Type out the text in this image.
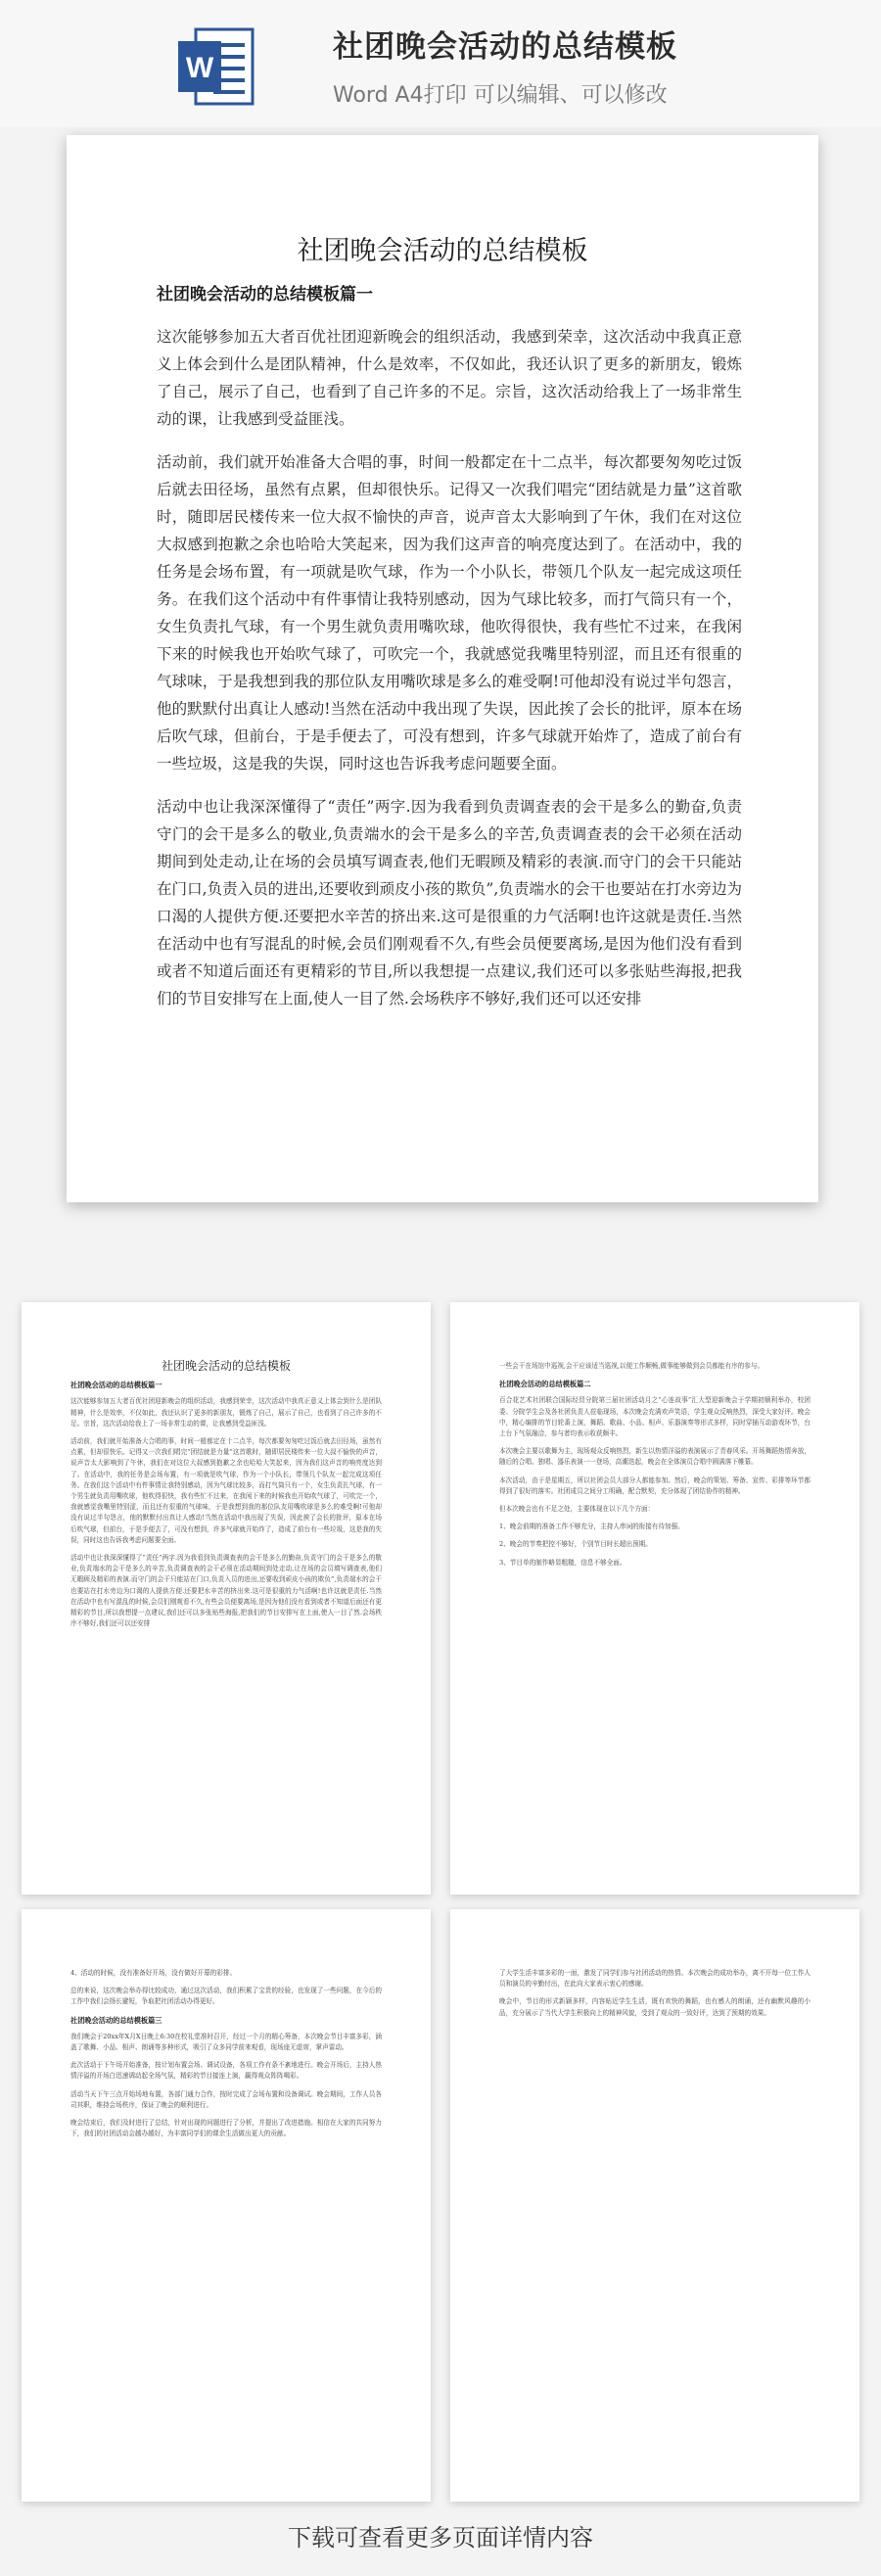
W
社团晚会活动的总结模板
Word A4打印 可以编辑、可以修改
社团晚会活动的总结模板
社团晚会活动的总结模板篇一

这次能够参加五大者百优社团迎新晚会的组织活动，我感到荣幸，这次活动中我真正意义上体会到什么是团队精神，什么是效率，不仅如此，我还认识了更多的新朋友，锻炼了自己，展示了自己，也看到了自己许多的不足。宗旨，这次活动给我上了一场非常生动的课，让我感到受益匪浅。

活动前，我们就开始准备大合唱的事，时间一般都定在十二点半，每次都要匆匆吃过饭后就去田径场，虽然有点累，但却很快乐。记得又一次我们唱完“团结就是力量”这首歌时，随即居民楼传来一位大叔不愉快的声音，说声音太大影响到了午休，我们在对这位大叔感到抱歉之余也哈哈大笑起来，因为我们这声音的响亮度达到了。在活动中，我的任务是会场布置，有一项就是吹气球，作为一个小队长，带领几个队友一起完成这项任务。在我们这个活动中有件事情让我特别感动，因为气球比较多，而打气筒只有一个，女生负责扎气球，有一个男生就负责用嘴吹球，他吹得很快，我有些忙不过来，在我闲下来的时候我也开始吹气球了，可吹完一个，我就感觉我嘴里特别涩，而且还有很重的气球味，于是我想到我的那位队友用嘴吹球是多么的难受啊!可他却没有说过半句怨言，他的默默付出真让人感动!当然在活动中我出现了失误，因此挨了会长的批评，原本在场后吹气球，但前台，于是手便去了，可没有想到，许多气球就开始炸了，造成了前台有一些垃圾，这是我的失误，同时这也告诉我考虑问题要全面。

活动中也让我深深懂得了“责任”两字.因为我看到负责调查表的会干是多么的勤奋,负责守门的会干是多么的敬业,负责端水的会干是多么的辛苦,负责调查表的会干必须在活动期间到处走动,让在场的会员填写调查表,他们无暇顾及精彩的表演.而守门的会干只能站在门口,负责入员的进出,还要收到顽皮小孩的欺负”,负责端水的会干也要站在打水旁边为口渴的人提供方便.还要把水辛苦的挤出来.这可是很重的力气活啊!也许这就是责任.当然在活动中也有写混乱的时候,会员们刚观看不久,有些会员便要离场,是因为他们没有看到或者不知道后面还有更精彩的节目,所以我想提一点建议,我们还可以多张贴些海报,把我们的节目安排写在上面,使人一目了然.会场秩序不够好,我们还可以还安排

社团晚会活动的总结模板
社团晚会活动的总结模板篇一

这次能够参加五大者百优社团迎新晚会的组织活动，我感到荣幸，这次活动中我真正意义上体会到什么是团队精神，什么是效率，不仅如此，我还认识了更多的新朋友，锻炼了自己，展示了自己，也看到了自己许多的不足。宗旨，这次活动给我上了一场非常生动的课，让我感到受益匪浅。

活动前，我们就开始准备大合唱的事，时间一般都定在十二点半，每次都要匆匆吃过饭后就去田径场，虽然有点累，但却很快乐。记得又一次我们唱完“团结就是力量”这首歌时，随即居民楼传来一位大叔不愉快的声音，说声音太大影响到了午休，我们在对这位大叔感到抱歉之余也哈哈大笑起来，因为我们这声音的响亮度达到了。在活动中，我的任务是会场布置，有一项就是吹气球，作为一个小队长，带领几个队友一起完成这项任务。在我们这个活动中有件事情让我特别感动，因为气球比较多，而打气筒只有一个，女生负责扎气球，有一个男生就负责用嘴吹球，他吹得很快，我有些忙不过来，在我闲下来的时候我也开始吹气球了，可吹完一个，我就感觉我嘴里特别涩，而且还有很重的气球味，于是我想到我的那位队友用嘴吹球是多么的难受啊!可他却没有说过半句怨言，他的默默付出真让人感动!当然在活动中我出现了失误，因此挨了会长的批评，原本在场后吹气球，但前台，于是手便去了，可没有想到，许多气球就开始炸了，造成了前台有一些垃圾，这是我的失误，同时这也告诉我考虑问题要全面。

活动中也让我深深懂得了“责任”两字.因为我看到负责调查表的会干是多么的勤奋,负责守门的会干是多么的敬业,负责端水的会干是多么的辛苦,负责调查表的会干必须在活动期间到处走动,让在场的会员填写调查表,他们无暇顾及精彩的表演.而守门的会干只能站在门口,负责入员的进出,还要收到顽皮小孩的欺负”,负责端水的会干也要站在打水旁边为口渴的人提供方便.还要把水辛苦的挤出来.这可是很重的力气活啊!也许这就是责任.当然在活动中也有写混乱的时候,会员们刚观看不久,有些会员便要离场,是因为他们没有看到或者不知道后面还有更精彩的节目,所以我想提一点建议,我们还可以多张贴些海报,把我们的节目安排写在上面,使人一目了然.会场秩序不够好,我们还可以还安排

一些会干在场馆中巡视,会干应该适当巡视,以便工作顺畅,做事能够做到会员都能有序的参与。

社团晚会活动的总结模板篇二

百合花艺术社团联合国际经贸分院第三届社团活动月之“心连故事”汇大型迎新晚会于学期初顺利举办，校团委、分院学生会及各社团负责人莅临现场，本次晚会充满欢声笑语，学生观众反响热烈，深受大家好评。晚会中，精心编排的节目轮番上演，舞蹈、歌曲、小品、相声、乐器演奏等形式多样，同时穿插互动游戏环节，台上台下气氛融洽，参与者均表示收获颇丰。

本次晚会主要以歌舞为主，现场观众反响热烈，新生以热情洋溢的表演展示了青春风采。开场舞蹈热情奔放，随后的合唱、独唱、器乐表演一一登场，高潮迭起，晚会在全体演员合唱中圆满落下帷幕。

本次活动，由于是星期五，所以社团会员大部分人都能参加。然后，晚会的策划、筹备、宣传、彩排等环节都得到了很好的落实。社团成员之间分工明确，配合默契，充分体现了团结协作的精神。

但本次晚会也有不足之处，主要体现在以下几个方面：

1、晚会前期的准备工作不够充分，主持人串词的衔接有待加强。

2、晚会的节奏把控不够好，个别节目时长超出预期。

3、节目单的制作略显粗糙，信息不够全面。

4、活动的时候，没有准备好开场，没有做好开幕的彩排。

总的来说，这次晚会举办得比较成功，通过这次活动，我们积累了宝贵的经验，也发现了一些问题，在今后的工作中我们会扬长避短，争取把社团活动办得更好。

社团晚会活动的总结模板篇三

我们晚会于20xx年X月X日晚上6:30在校礼堂准时召开，经过一个月的精心筹备，本次晚会节目丰富多彩，涵盖了歌舞、小品、相声、朗诵等多种形式，吸引了众多同学前来观看，现场座无虚席，掌声雷动。

此次活动于下午场开始准备，按计划布置会场、调试设备，各项工作有条不紊地进行。晚会开场后，主持人热情洋溢的开场白迅速调动起全场气氛，精彩的节目接连上演，赢得观众阵阵喝彩。

活动当天下午三点开始场地布置，各部门通力合作，按时完成了会场布置和设备调试。晚会期间，工作人员各司其职，维持会场秩序，保证了晚会的顺利进行。

晚会结束后，我们及时进行了总结，针对出现的问题进行了分析，并提出了改进措施。相信在大家的共同努力下，我们的社团活动会越办越好，为丰富同学们的课余生活做出更大的贡献。

了大学生活丰富多彩的一面，激发了同学们参与社团活动的热情。本次晚会的成功举办，离不开每一位工作人员和演员的辛勤付出，在此向大家表示衷心的感谢。

晚会中，节目的形式新颖多样，内容贴近学生生活，既有欢快的舞蹈，也有感人的朗诵，还有幽默风趣的小品，充分展示了当代大学生积极向上的精神风貌，受到了观众的一致好评，达到了预期的效果。

下载可查看更多页面详情内容
